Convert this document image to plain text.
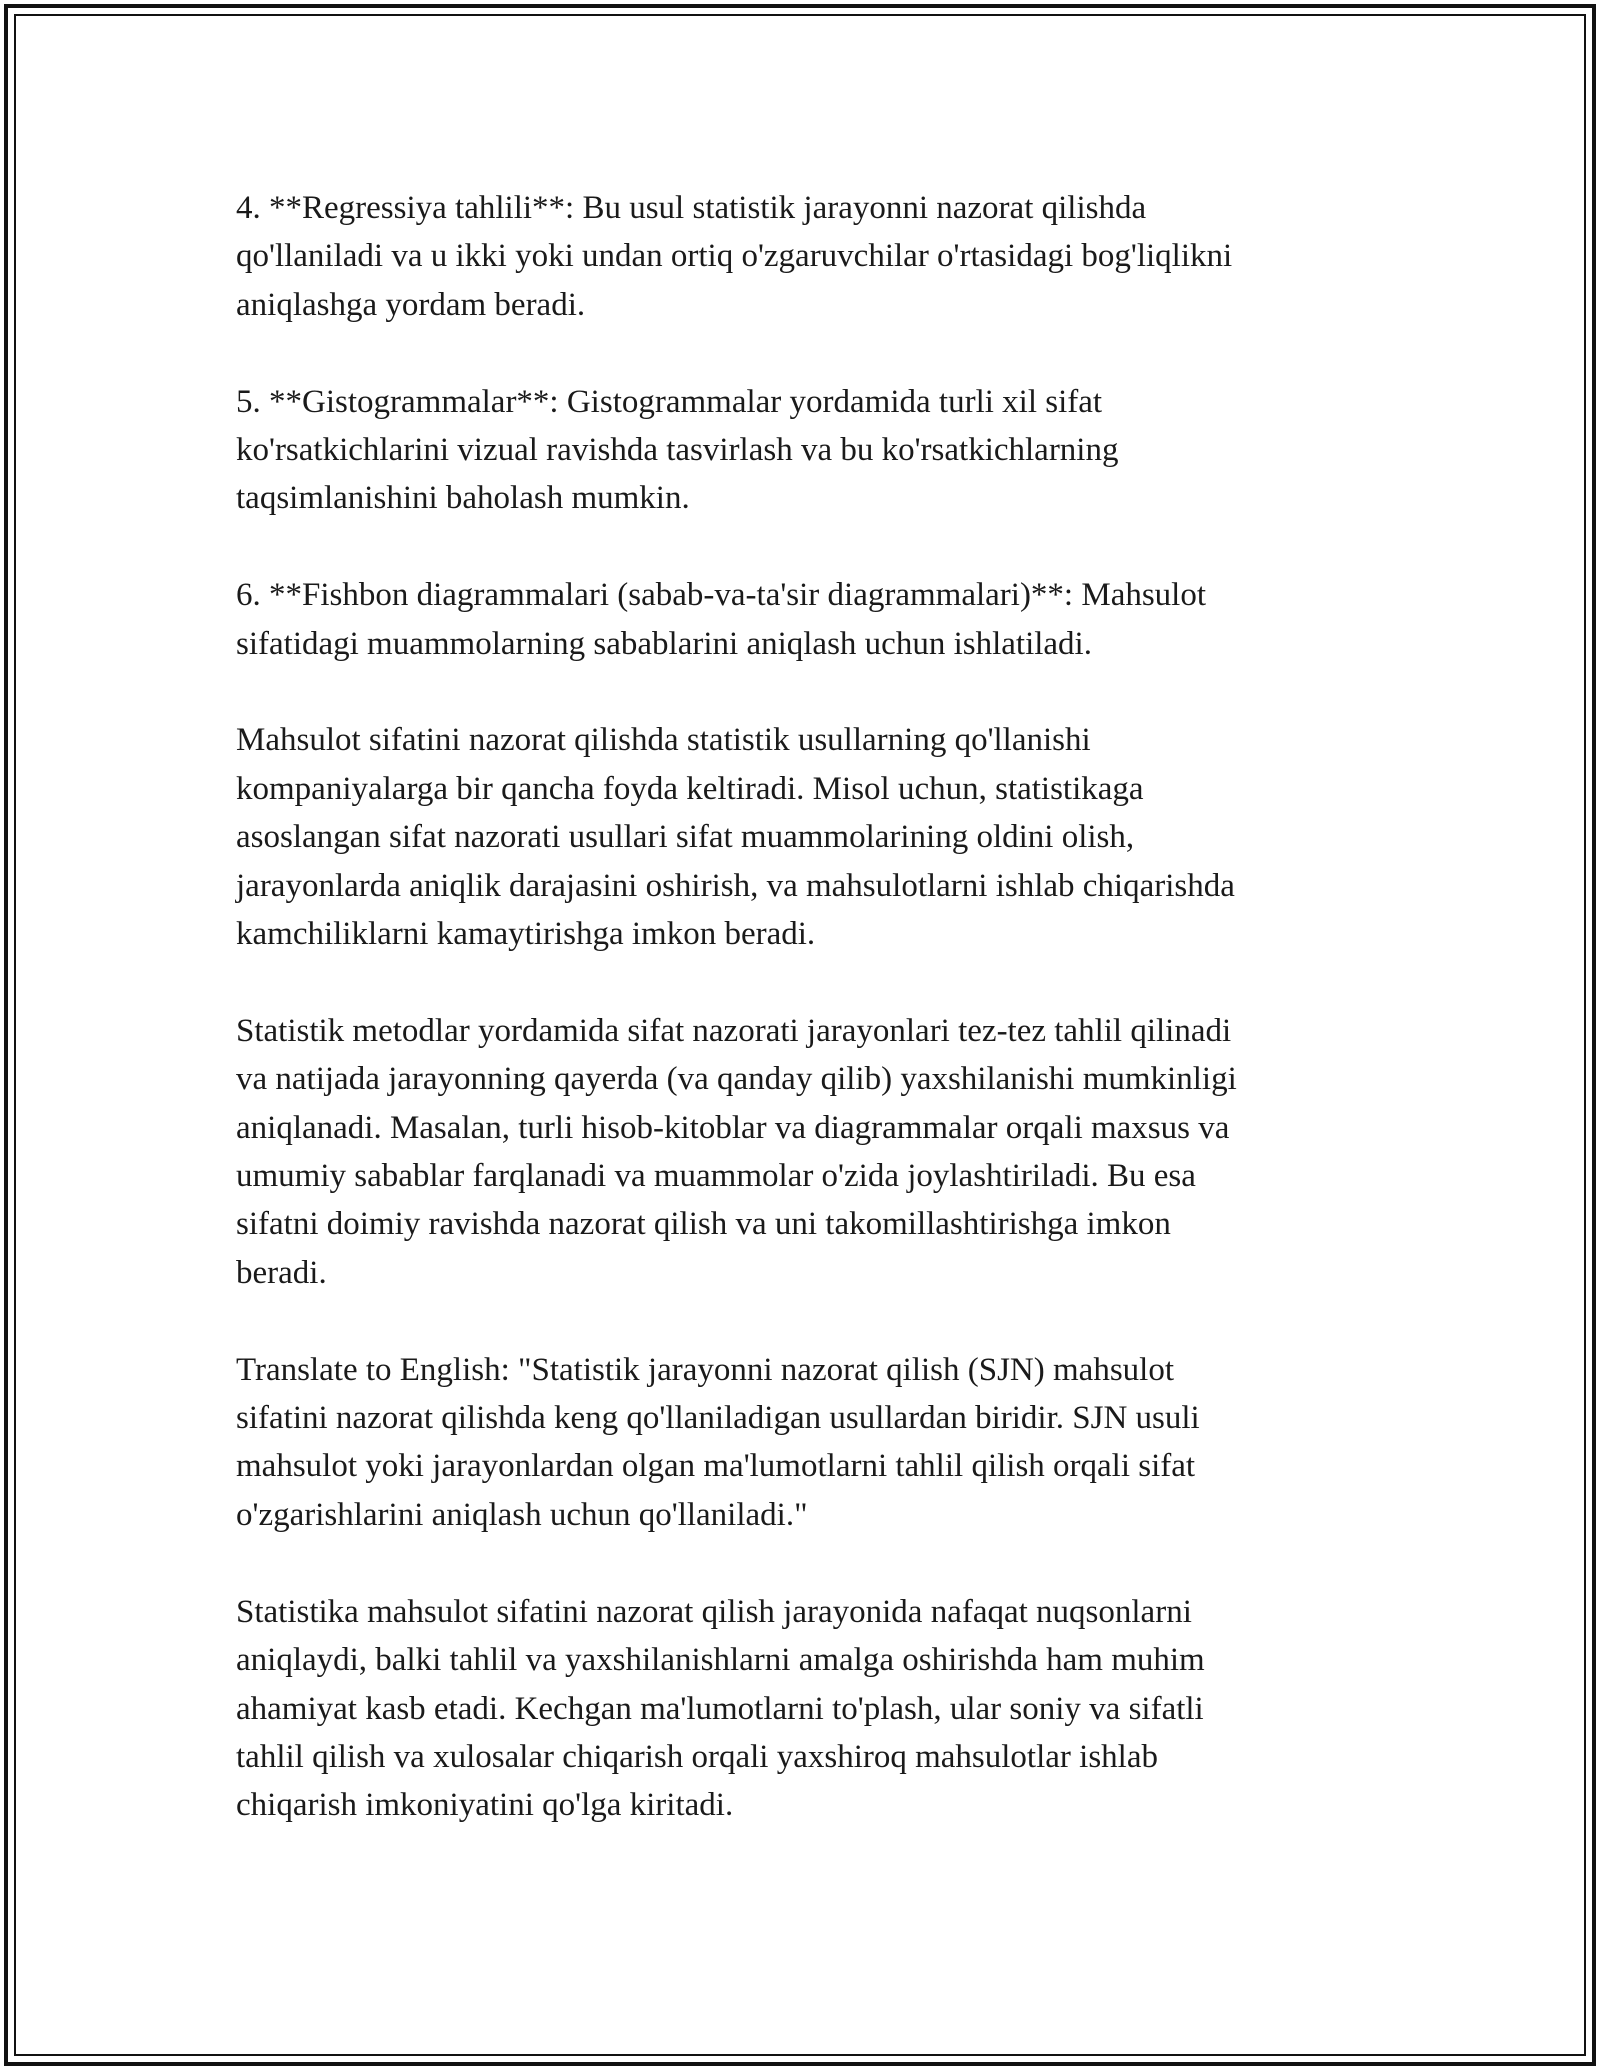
4. **Regressiya tahlili**: Bu usul statistik jarayonni nazorat qilishda
qo'llaniladi va u ikki yoki undan ortiq o'zgaruvchilar o'rtasidagi bog'liqlikni
aniqlashga yordam beradi.

5. **Gistogrammalar**: Gistogrammalar yordamida turli xil sifat
ko'rsatkichlarini vizual ravishda tasvirlash va bu ko'rsatkichlarning
taqsimlanishini baholash mumkin.

6. **Fishbon diagrammalari (sabab-va-ta'sir diagrammalari)**: Mahsulot
sifatidagi muammolarning sabablarini aniqlash uchun ishlatiladi.

Mahsulot sifatini nazorat qilishda statistik usullarning qo'llanishi
kompaniyalarga bir qancha foyda keltiradi. Misol uchun, statistikaga
asoslangan sifat nazorati usullari sifat muammolarining oldini olish,
jarayonlarda aniqlik darajasini oshirish, va mahsulotlarni ishlab chiqarishda
kamchiliklarni kamaytirishga imkon beradi.

Statistik metodlar yordamida sifat nazorati jarayonlari tez-tez tahlil qilinadi
va natijada jarayonning qayerda (va qanday qilib) yaxshilanishi mumkinligi
aniqlanadi. Masalan, turli hisob-kitoblar va diagrammalar orqali maxsus va
umumiy sabablar farqlanadi va muammolar o'zida joylashtiriladi. Bu esa
sifatni doimiy ravishda nazorat qilish va uni takomillashtirishga imkon
beradi.

Translate to English: "Statistik jarayonni nazorat qilish (SJN) mahsulot
sifatini nazorat qilishda keng qo'llaniladigan usullardan biridir. SJN usuli
mahsulot yoki jarayonlardan olgan ma'lumotlarni tahlil qilish orqali sifat
o'zgarishlarini aniqlash uchun qo'llaniladi."

Statistika mahsulot sifatini nazorat qilish jarayonida nafaqat nuqsonlarni
aniqlaydi, balki tahlil va yaxshilanishlarni amalga oshirishda ham muhim
ahamiyat kasb etadi. Kechgan ma'lumotlarni to'plash, ular soniy va sifatli
tahlil qilish va xulosalar chiqarish orqali yaxshiroq mahsulotlar ishlab
chiqarish imkoniyatini qo'lga kiritadi.
